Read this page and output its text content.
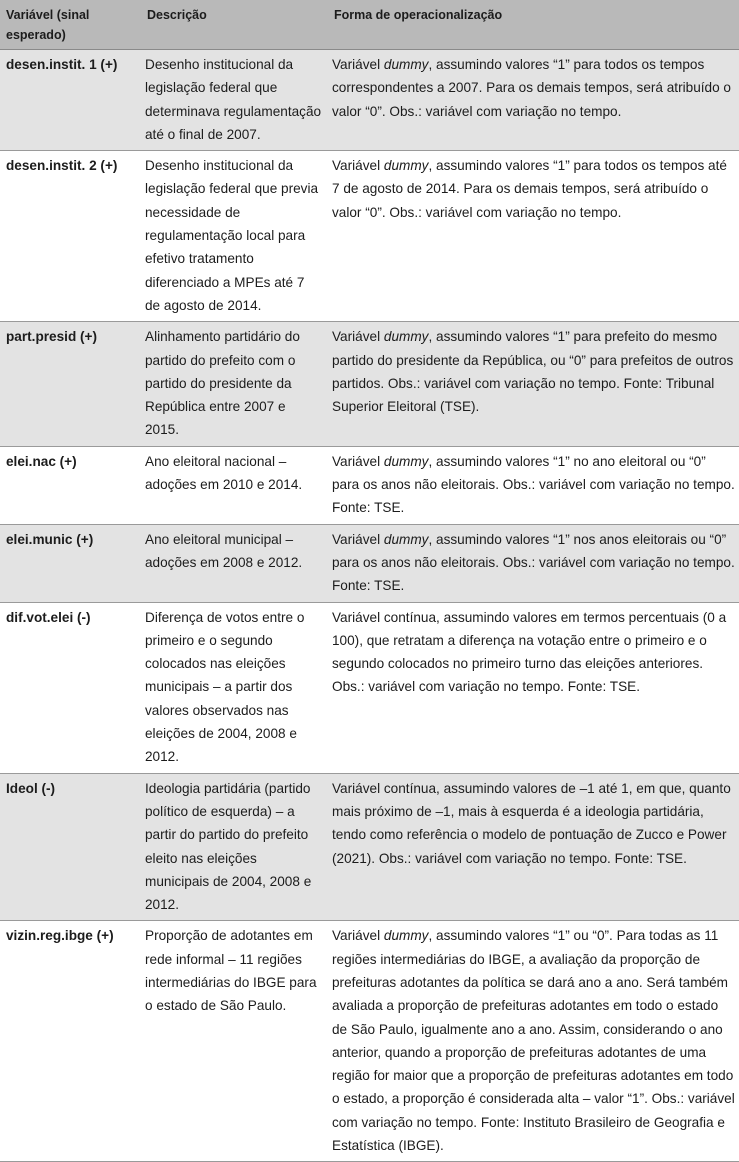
Variável (sinal esperado)	Descrição	Forma de operacionalização
desen.instit. 1 (+)	Desenho institucional da legislação federal que determinava regulamentação até o final de 2007.	Variável dummy, assumindo valores “1” para todos os tempos correspondentes a 2007. Para os demais tempos, será atribuído o valor “0”. Obs.: variável com variação no tempo.
desen.instit. 2 (+)	Desenho institucional da legislação federal que previa necessidade de regulamentação local para efetivo tratamento diferenciado a MPEs até 7 de agosto de 2014.	Variável dummy, assumindo valores “1” para todos os tempos até 7 de agosto de 2014. Para os demais tempos, será atribuído o valor “0”. Obs.: variável com variação no tempo.
part.presid (+)	Alinhamento partidário do partido do prefeito com o partido do presidente da República entre 2007 e 2015.	Variável dummy, assumindo valores “1” para prefeito do mesmo partido do presidente da República, ou “0” para prefeitos de outros partidos. Obs.: variável com variação no tempo. Fonte: Tribunal Superior Eleitoral (TSE).
elei.nac (+)	Ano eleitoral nacional – adoções em 2010 e 2014.	Variável dummy, assumindo valores “1” no ano eleitoral ou “0” para os anos não eleitorais. Obs.: variável com variação no tempo. Fonte: TSE.
elei.munic (+)	Ano eleitoral municipal – adoções em 2008 e 2012.	Variável dummy, assumindo valores “1” nos anos eleitorais ou “0” para os anos não eleitorais. Obs.: variável com variação no tempo. Fonte: TSE.
dif.vot.elei (-)	Diferença de votos entre o primeiro e o segundo colocados nas eleições municipais – a partir dos valores observados nas eleições de 2004, 2008 e 2012.	Variável contínua, assumindo valores em termos percentuais (0 a 100), que retratam a diferença na votação entre o primeiro e o segundo colocados no primeiro turno das eleições anteriores. Obs.: variável com variação no tempo. Fonte: TSE.
Ideol (-)	Ideologia partidária (partido político de esquerda) – a partir do partido do prefeito eleito nas eleições municipais de 2004, 2008 e 2012.	Variável contínua, assumindo valores de –1 até 1, em que, quanto mais próximo de –1, mais à esquerda é a ideologia partidária, tendo como referência o modelo de pontuação de Zucco e Power (2021). Obs.: variável com variação no tempo. Fonte: TSE.
vizin.reg.ibge (+)	Proporção de adotantes em rede informal – 11 regiões intermediárias do IBGE para o estado de São Paulo.	Variável dummy, assumindo valores “1” ou “0”. Para todas as 11 regiões intermediárias do IBGE, a avaliação da proporção de prefeituras adotantes da política se dará ano a ano. Será também avaliada a proporção de prefeituras adotantes em todo o estado de São Paulo, igualmente ano a ano. Assim, considerando o ano anterior, quando a proporção de prefeituras adotantes de uma região for maior que a proporção de prefeituras adotantes em todo o estado, a proporção é considerada alta – valor “1”. Obs.: variável com variação no tempo. Fonte: Instituto Brasileiro de Geografia e Estatística (IBGE).
